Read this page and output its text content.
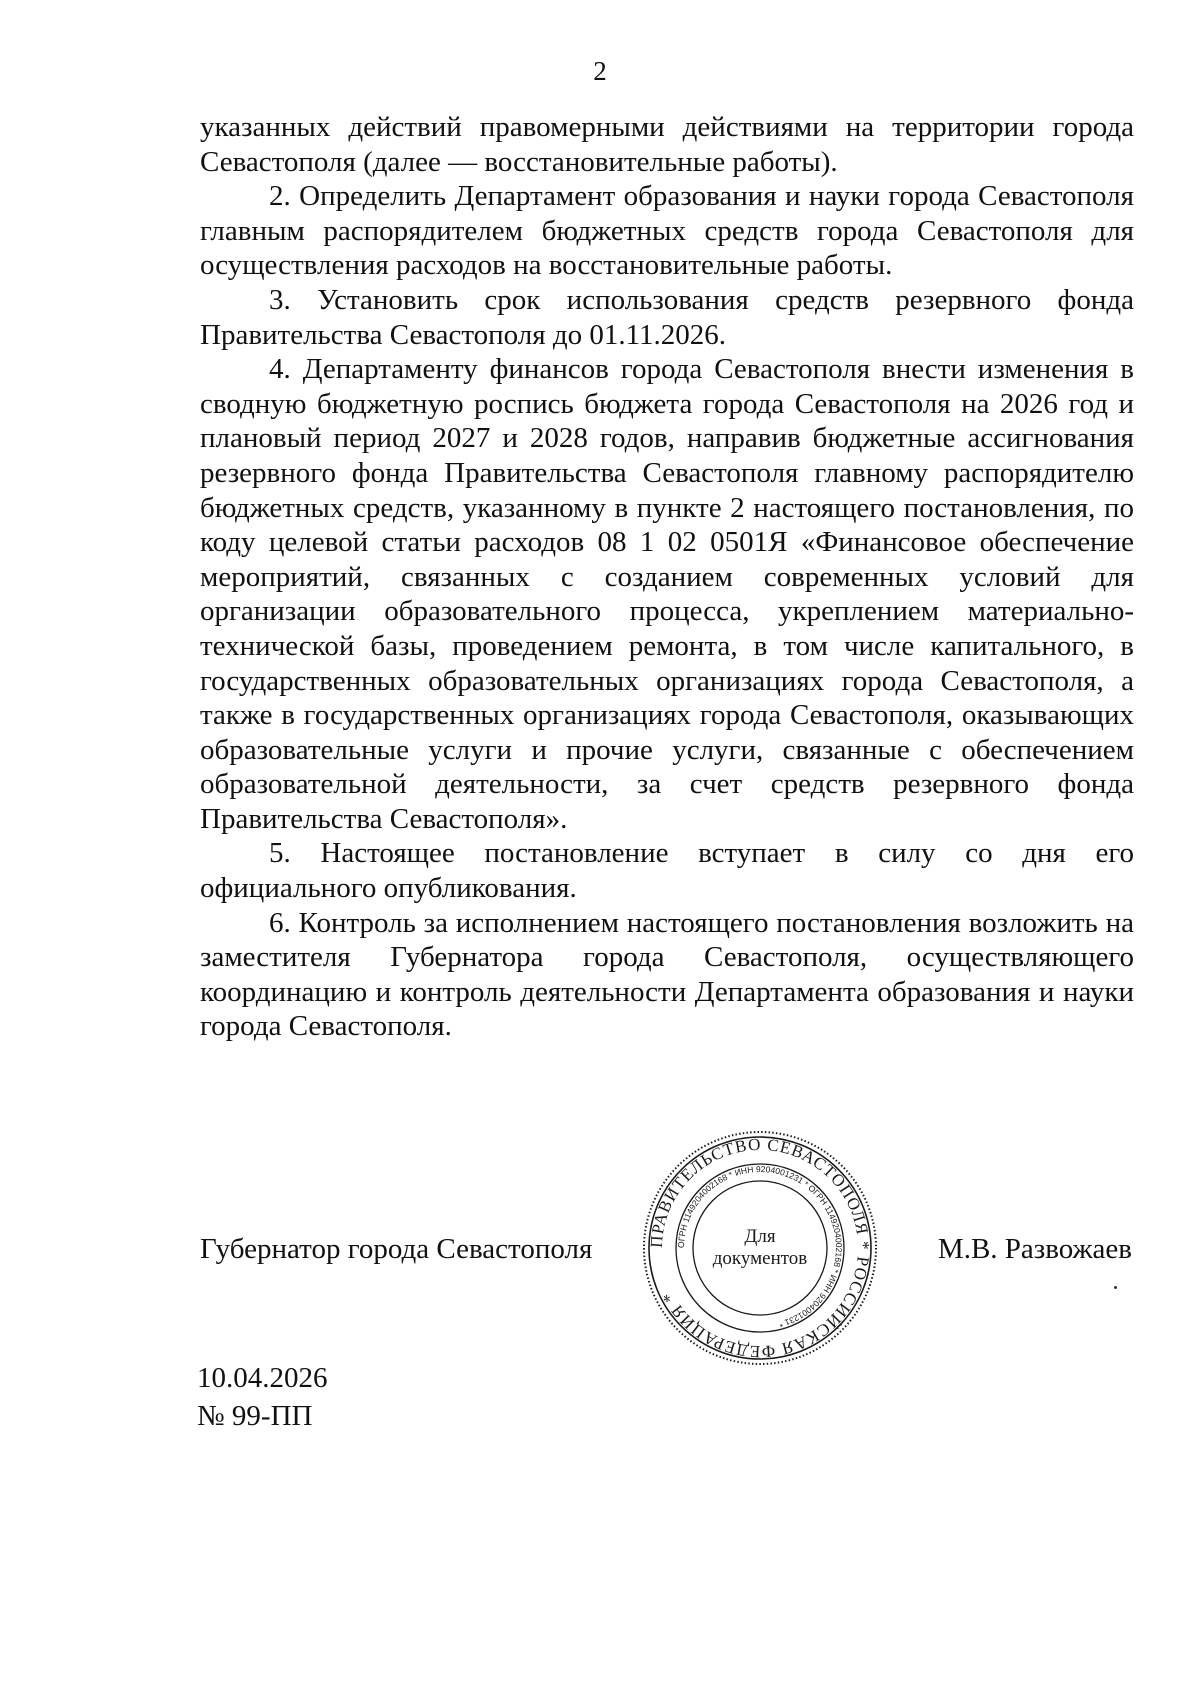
2

указанных действий правомерными действиями на территории города Севастополя (далее — восстановительные работы).

2. Определить Департамент образования и науки города Севастополя главным распорядителем бюджетных средств города Севастополя для осуществления расходов на восстановительные работы.

3. Установить срок использования средств резервного фонда Правительства Севастополя до 01.11.2026.

4. Департаменту финансов города Севастополя внести изменения в сводную бюджетную роспись бюджета города Севастополя на 2026 год и плановый период 2027 и 2028 годов, направив бюджетные ассигнования резервного фонда Правительства Севастополя главному распорядителю бюджетных средств, указанному в пункте 2 настоящего постановления, по коду целевой статьи расходов 08 1 02 0501Я «Финансовое обеспечение мероприятий, связанных с созданием современных условий для организации образовательного процесса, укреплением материально-технической базы, проведением ремонта, в том числе капитального, в государственных образовательных организациях города Севастополя, а также в государственных организациях города Севастополя, оказывающих образовательные услуги и прочие услуги, связанные с обеспечением образовательной деятельности, за счет средств резервного фонда Правительства Севастополя».

5. Настоящее постановление вступает в силу со дня его официального опубликования.

6. Контроль за исполнением настоящего постановления возложить на заместителя Губернатора города Севастополя, осуществляющего координацию и контроль деятельности Департамента образования и науки города Севастополя.

Губернатор города Севастополя	ПРАВИТЕЛЬСТВО СЕВАСТОПОЛЯ * РОССИЙСКАЯ ФЕДЕРАЦИЯ *
ОГРН 1149204002168 * ИНН 9204001231 * ОГРН 1149204002168 * ИНН 9204001231 *
Для
документов	М.В. Развожаев
10.04.2026
№ 99-ПП
